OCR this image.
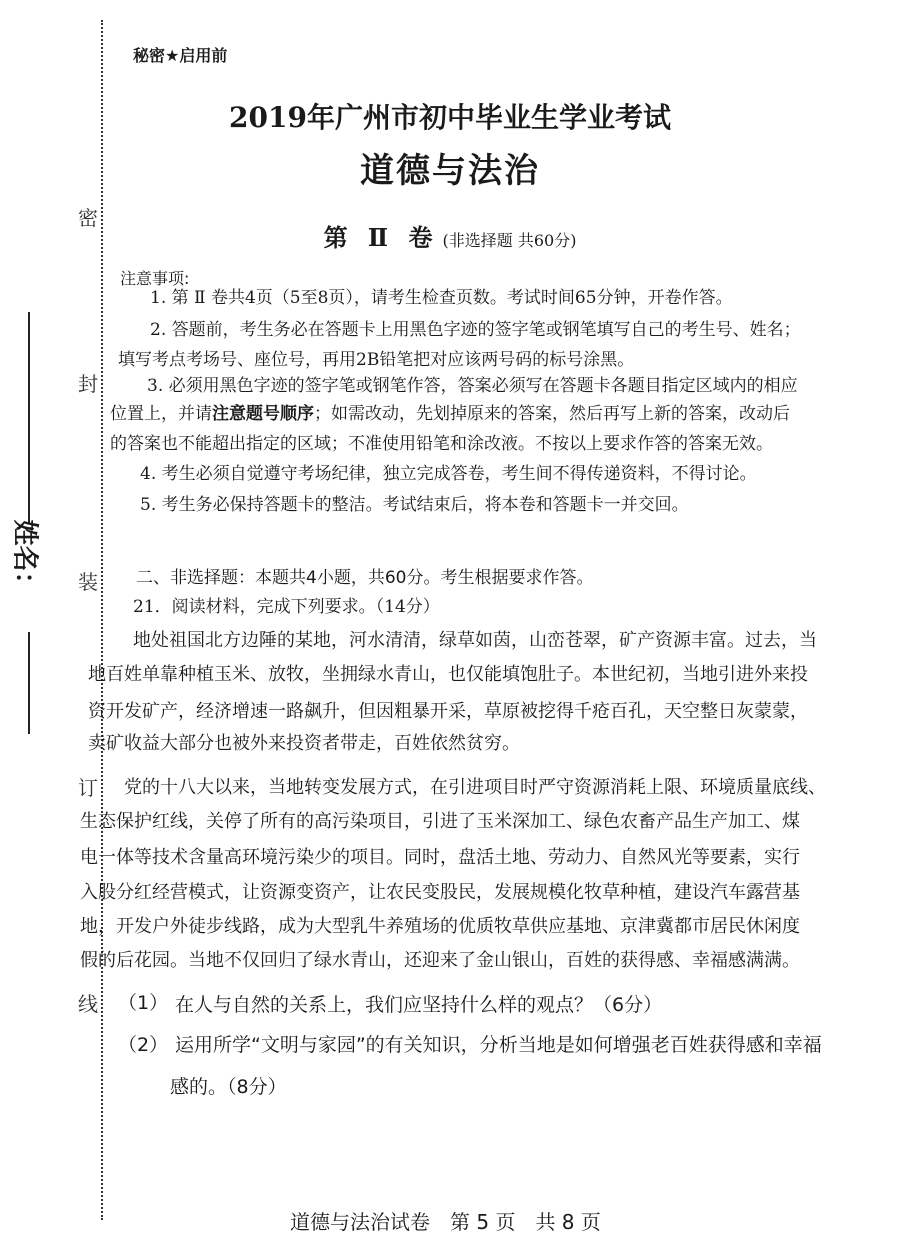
密
封
装
订
线
姓名：
秘密★启用前
2019年广州市初中毕业生学业考试
道德与法治
第 Ⅱ 卷 (非选择题 共60分)
注意事项:
1. 第 Ⅱ 卷共4页（5至8页），请考生检查页数。考试时间65分钟，开卷作答。
2. 答题前，考生务必在答题卡上用黑色字迹的签字笔或钢笔填写自己的考生号、姓名；
填写考点考场号、座位号，再用2B铅笔把对应该两号码的标号涂黑。
3. 必须用黑色字迹的签字笔或钢笔作答，答案必须写在答题卡各题目指定区域内的相应
位置上，并请注意题号顺序；如需改动，先划掉原来的答案，然后再写上新的答案，改动后
的答案也不能超出指定的区域；不准使用铅笔和涂改液。不按以上要求作答的答案无效。
4. 考生必须自觉遵守考场纪律，独立完成答卷，考生间不得传递资料，不得讨论。
5. 考生务必保持答题卡的整洁。考试结束后，将本卷和答题卡一并交回。
二、非选择题：本题共4小题，共60分。考生根据要求作答。
21．阅读材料，完成下列要求。（14分）
地处祖国北方边陲的某地，河水清清，绿草如茵，山峦苍翠，矿产资源丰富。过去，当
地百姓单靠种植玉米、放牧，坐拥绿水青山，也仅能填饱肚子。本世纪初，当地引进外来投
资开发矿产，经济增速一路飙升，但因粗暴开采，草原被挖得千疮百孔，天空整日灰蒙蒙，
卖矿收益大部分也被外来投资者带走，百姓依然贫穷。
党的十八大以来，当地转变发展方式，在引进项目时严守资源消耗上限、环境质量底线、
生态保护红线，关停了所有的高污染项目，引进了玉米深加工、绿色农畜产品生产加工、煤
电一体等技术含量高环境污染少的项目。同时，盘活土地、劳动力、自然风光等要素，实行
入股分红经营模式，让资源变资产，让农民变股民，发展规模化牧草种植，建设汽车露营基
地，开发户外徒步线路，成为大型乳牛养殖场的优质牧草供应基地、京津冀都市居民休闲度
假的后花园。当地不仅回归了绿水青山，还迎来了金山银山，百姓的获得感、幸福感满满。
（1） 在人与自然的关系上，我们应坚持什么样的观点？（6分）
（2） 运用所学“文明与家园”的有关知识，分析当地是如何增强老百姓获得感和幸福
感的。（8分）
道德与法治试卷　第 5 页　共 8 页
